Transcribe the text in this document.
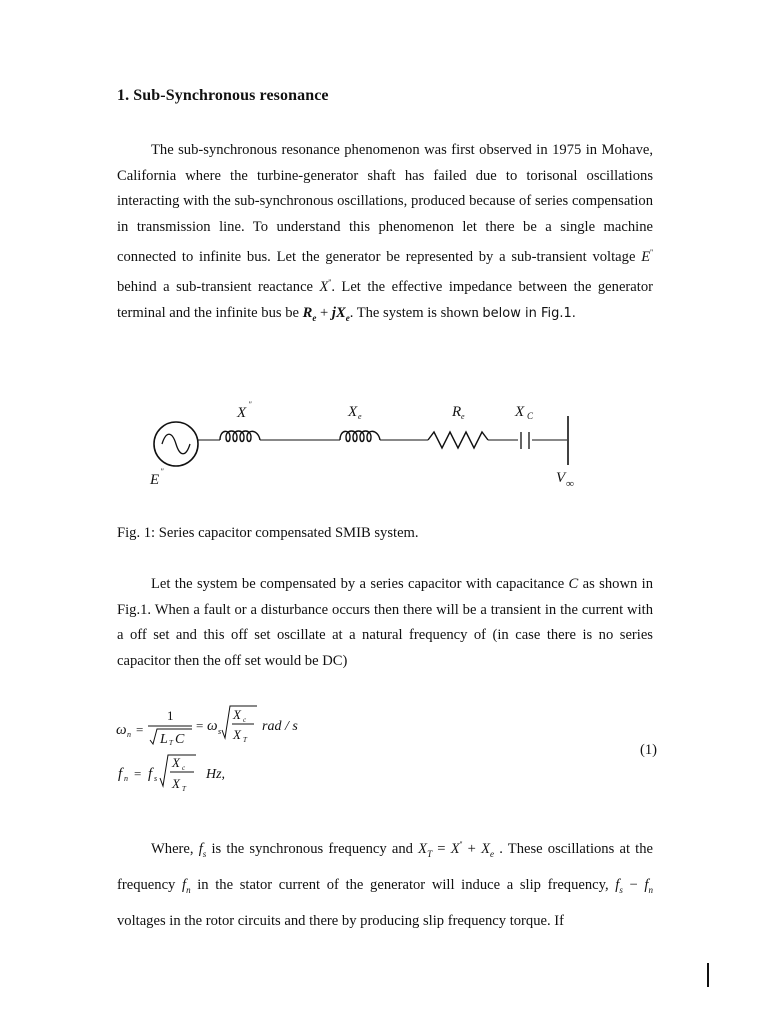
1. Sub-Synchronous resonance

The sub-synchronous resonance phenomenon was first observed in 1975 in Mohave, California where the turbine-generator shaft has failed due to torisonal oscillations interacting with the sub-synchronous oscillations, produced because of series compensation in transmission line. To understand this phenomenon let there be a single machine connected to infinite bus. Let the generator be represented by a sub-transient voltage E'' behind a sub-transient reactance X''. Let the effective impedance between the generator terminal and the infinite bus be $R_e + jX_e$. The system is shown below in Fig.1.

X
''	X e	R e	X C
E
''	V ∞
Fig. 1: Series capacitor compensated SMIB system.

Let the system be compensated by a series capacitor with capacitance C as shown in Fig.1. When a fault or a disturbance occurs then there will be a transient in the current with a off set and this off set oscillate at a natural frequency of (in case there is no series capacitor then the off set would be DC)

ω n =
1
L T C
= ω s
X c
X T
rad / s
f n = f s
X c
X T
Hz,
(1)

Where, $f_s$ is the synchronous frequency and $X_T = X'' + X_e$ . These oscillations at the frequency $f_n$ in the stator current of the generator will induce a slip frequency, $f_s - f_n$ voltages in the rotor circuits and there by producing slip frequency torque. If
